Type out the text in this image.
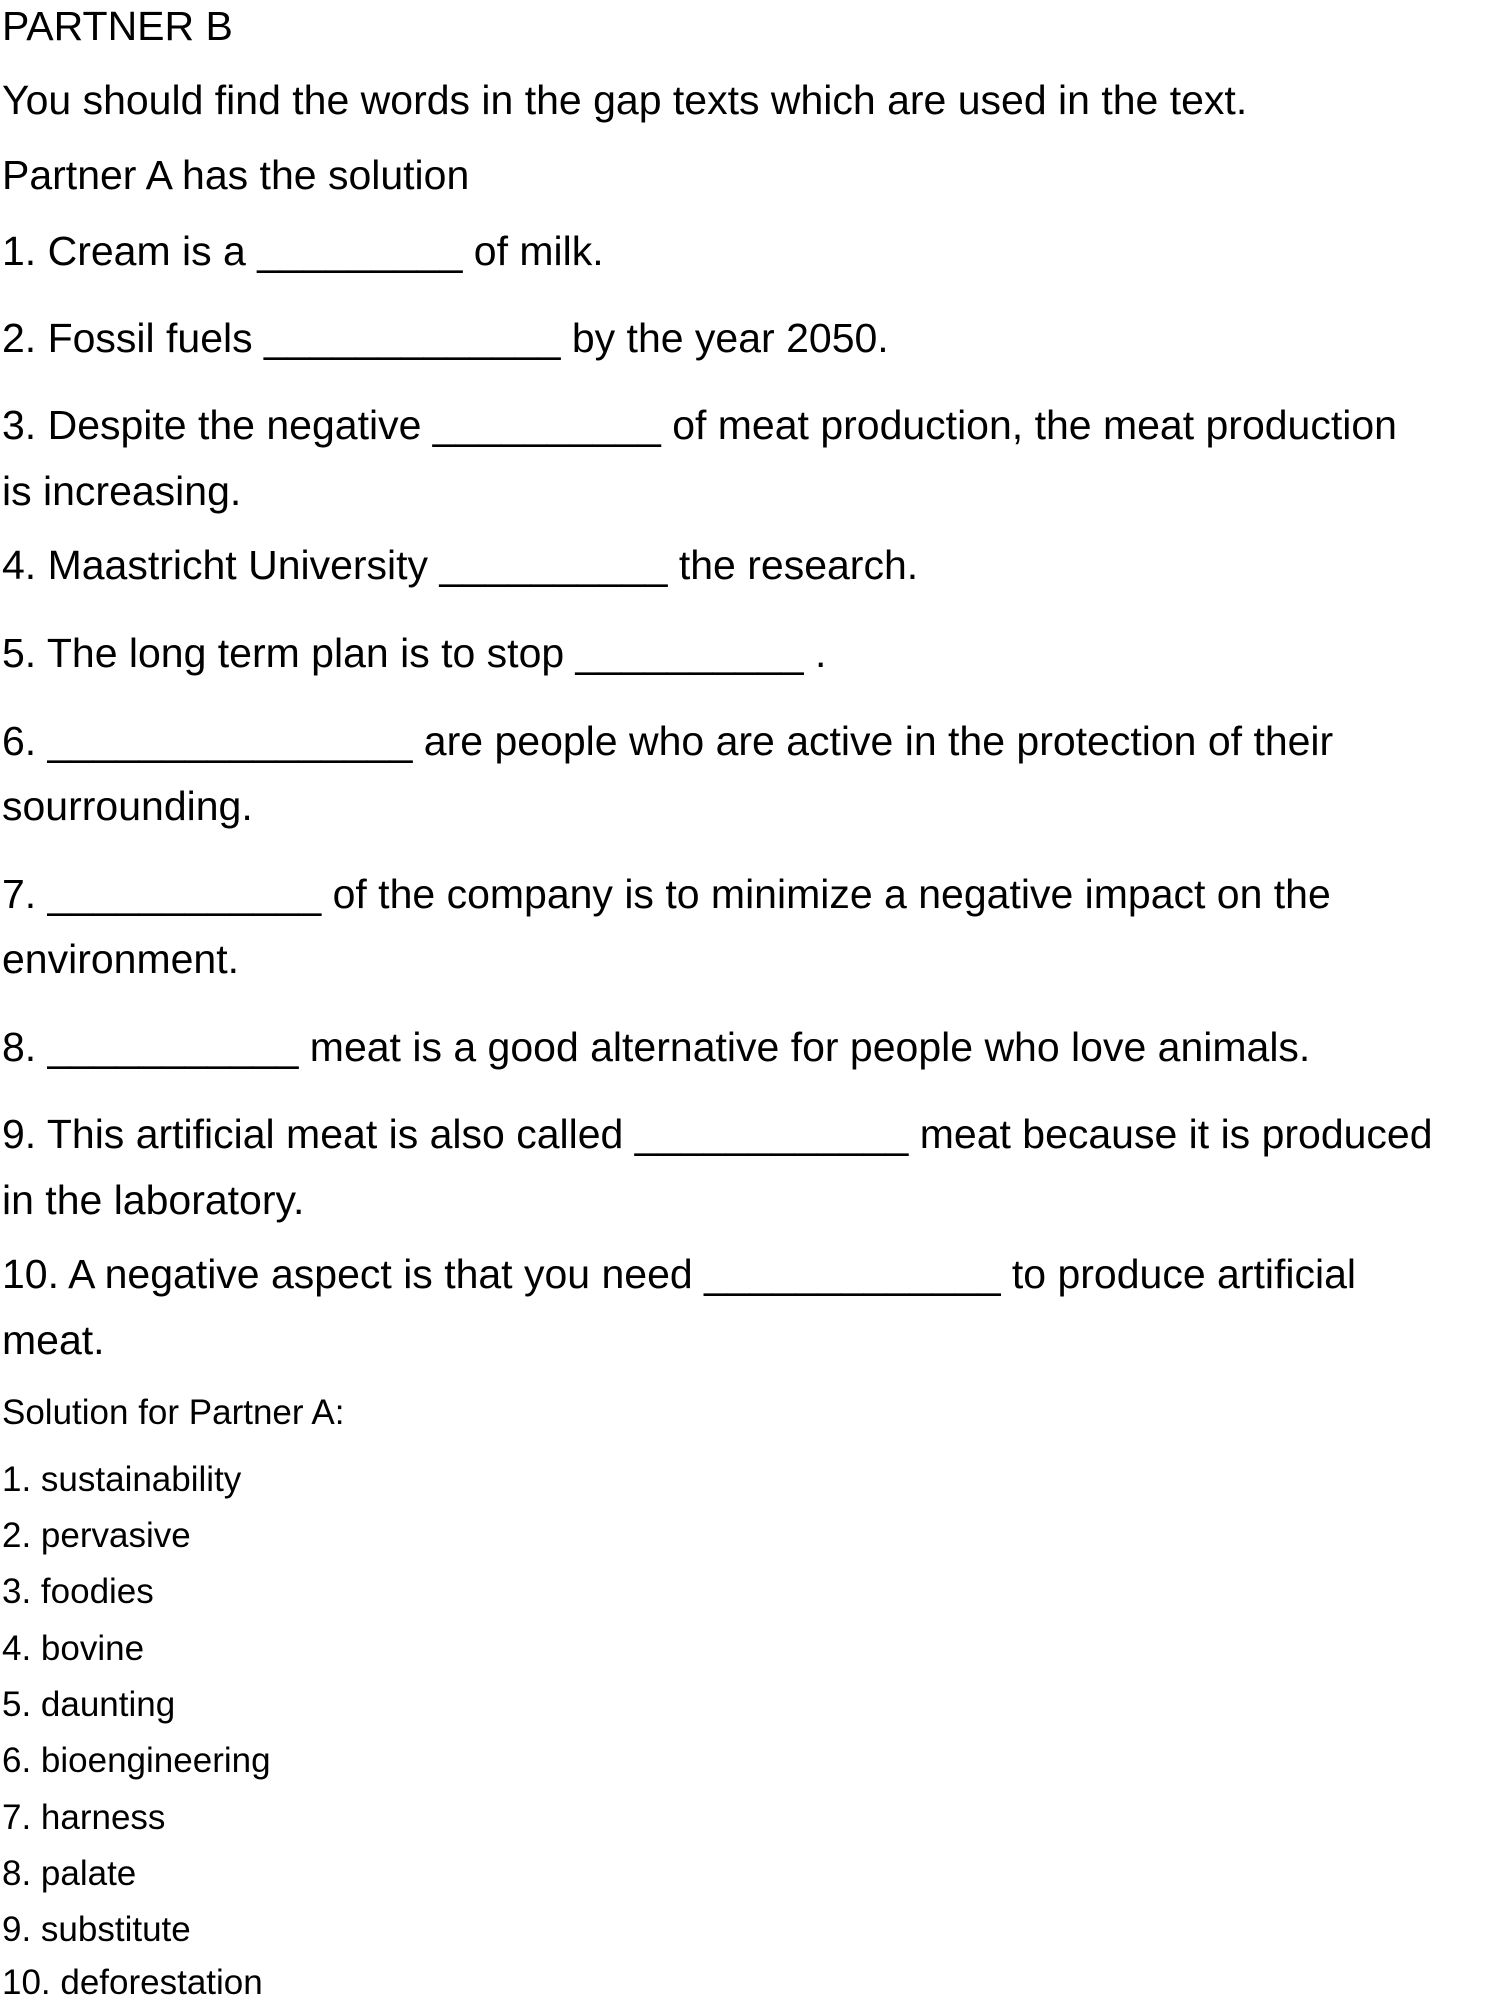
PARTNER B
You should find the words in the gap texts which are used in the text.
Partner A has the solution
1. Cream is a _________ of milk.
2. Fossil fuels _____________ by the year 2050.
3. Despite the negative __________ of meat production, the meat production
is increasing.
4. Maastricht University __________ the research.
5. The long term plan is to stop __________ .
6. ________________ are people who are active in the protection of their
sourrounding.
7. ____________ of the company is to minimize a negative impact on the
environment.
8. ___________ meat is a good alternative for people who love animals.
9. This artificial meat is also called ____________ meat because it is produced
in the laboratory.
10. A negative aspect is that you need _____________ to produce artificial
meat.
Solution for Partner A:
1. sustainability
2. pervasive
3. foodies
4. bovine
5. daunting
6. bioengineering
7. harness
8. palate
9. substitute
10. deforestation
